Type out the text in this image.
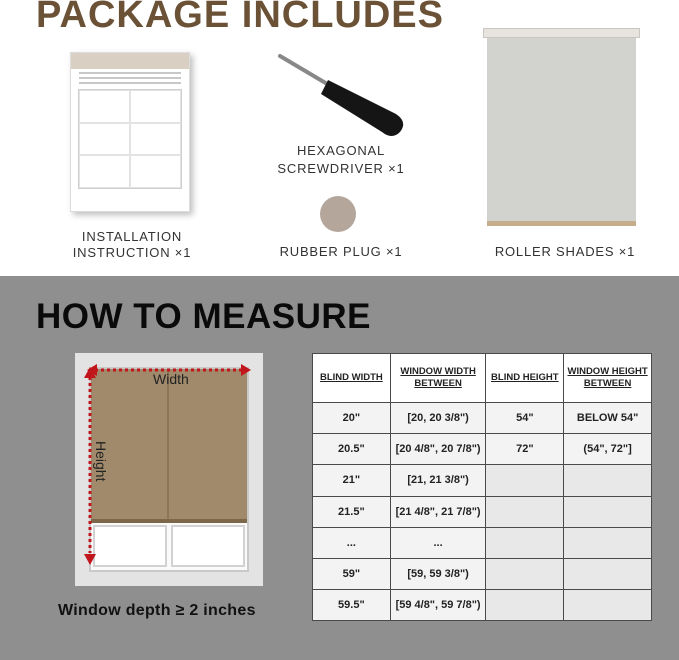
PACKAGE INCLUDES
INSTALLATION
INSTRUCTION ×1
HEXAGONAL
SCREWDRIVER ×1
RUBBER PLUG ×1	ROLLER SHADES ×1
HOW TO MEASURE
Width
Height
Window depth ≥ 2 inches
BLIND WIDTH	WINDOW WIDTH BETWEEN	BLIND HEIGHT	WINDOW HEIGHT BETWEEN
20"	[20, 20 3/8")	54"	BELOW 54"
20.5"	[20 4/8", 20 7/8")	72"	(54", 72"]
21"	[21, 21 3/8")		
21.5"	[21 4/8", 21 7/8")		
...	...		
59"	[59, 59 3/8")		
59.5"	[59 4/8", 59 7/8")		
